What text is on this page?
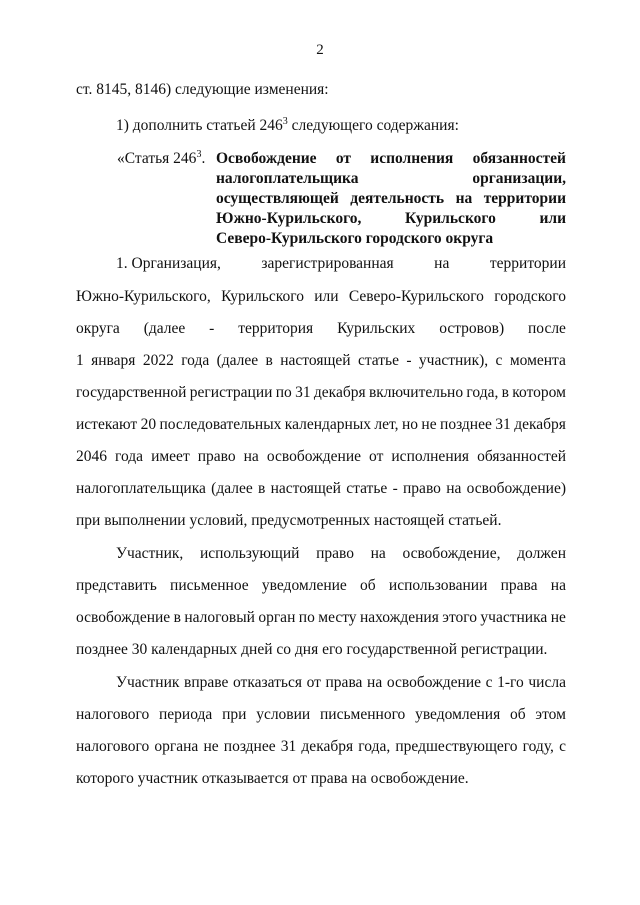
2
ст. 8145, 8146) следующие изменения:
1) дополнить статьей $246^3$ следующего содержания:
«Статья $246^3$. Освобождение от исполнения обязанностей
налогоплательщика	организации,
осуществляющей деятельность на территории
Южно-Курильского,	Курильского	или
Северо-Курильского городского округа
1. Организация,	зарегистрированная	на	территории
Южно-Курильского, Курильского или Северо-Курильского городского
округа (далее - территория Курильских островов) после
1 января 2022 года (далее в настоящей статье - участник), с момента
государственной регистрации по 31 декабря включительно года, в котором
истекают 20 последовательных календарных лет, но не позднее 31 декабря
2046 года имеет право на освобождение от исполнения обязанностей
налогоплательщика (далее в настоящей статье - право на освобождение)
при выполнении условий, предусмотренных настоящей статьей.
Участник, использующий право на освобождение, должен
представить письменное уведомление об использовании права на
освобождение в налоговый орган по месту нахождения этого участника не
позднее 30 календарных дней со дня его государственной регистрации.
Участник вправе отказаться от права на освобождение с 1-го числа
налогового периода при условии письменного уведомления об этом
налогового органа не позднее 31 декабря года, предшествующего году, с
которого участник отказывается от права на освобождение.
